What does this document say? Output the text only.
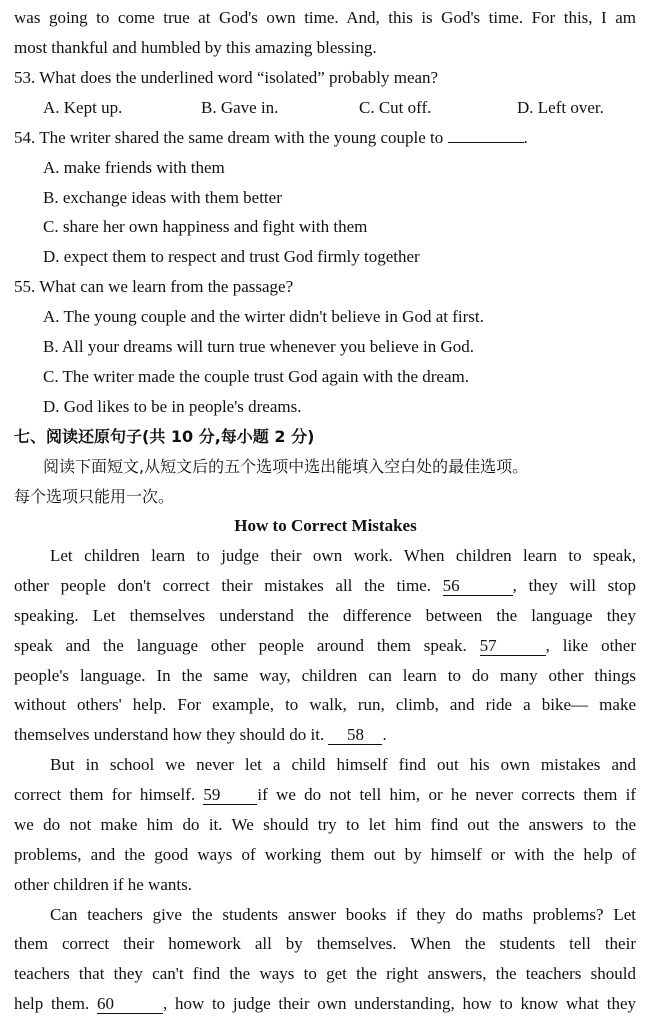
was going to come true at God's own time. And, this is God's time. For this, I am
most thankful and humbled by this amazing blessing.
53. What does the underlined word “isolated” probably mean?
A. Kept up.	B. Gave in.	C. Cut off.	D. Left over.
54. The writer shared the same dream with the young couple to	.
A. make friends with them
B. exchange ideas with them better
C. share her own happiness and fight with them
D. expect them to respect and trust God firmly together
55. What can we learn from the passage?
A. The young couple and the wirter didn't believe in God at first.
B. All your dreams will turn true whenever you believe in God.
C. The writer made the couple trust God again with the dream.
D. God likes to be in people's dreams.
七、阅读还原句子(共 10 分,每小题 2 分)
阅读下面短文,从短文后的五个选项中选出能填入空白处的最佳选项。
每个选项只能用一次。
How to Correct Mistakes
Let children learn to judge their own work. When children learn to speak,
other people don't correct their mistakes all the time. 56	, they will stop
speaking. Let themselves understand the difference between the language they
speak and the language other people around them speak. 57	, like other
people's language. In the same way, children can learn to do many other things
without others' help. For example, to walk, run, climb, and ride a bike— make
themselves understand how they should do it. 58 .
But in school we never let a child himself find out his own mistakes and
correct them for himself. 59 if we do not tell him, or he never corrects them if
we do not make him do it. We should try to let him find out the answers to the
problems, and the good ways of working them out by himself or with the help of
other children if he wants.
Can teachers give the students answer books if they do maths problems? Let
them correct their homework all by themselves. When the students tell their
teachers that they can't find the ways to get the right answers, the teachers should
help them. 60	, how to judge their own understanding, how to know what they
